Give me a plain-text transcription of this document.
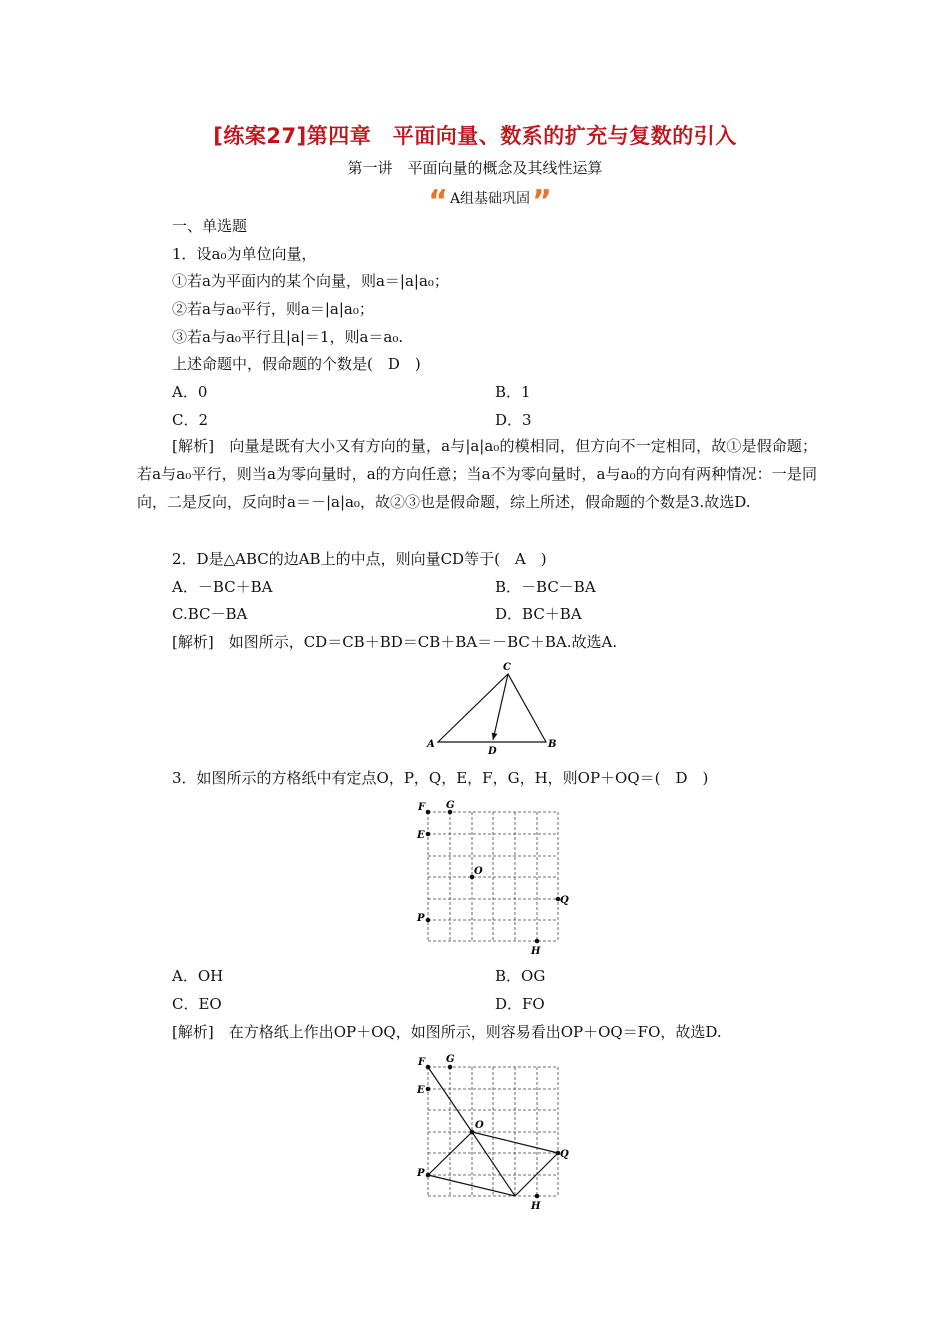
[练案27]第四章　平面向量、数系的扩充与复数的引入
第一讲　平面向量的概念及其线性运算
“ A组基础巩固 ”
一、单选题
1．设a₀为单位向量，
①若a为平面内的某个向量，则a＝|a|a₀；
②若a与a₀平行，则a＝|a|a₀；
③若a与a₀平行且|a|＝1，则a＝a₀.
上述命题中，假命题的个数是(　D　)
A．0	B．1
C．2	D．3
[解析]　向量是既有大小又有方向的量，a与|a|a₀的模相同，但方向不一定相同，故①是假命题；若a与a₀平行，则当a为零向量时，a的方向任意；当a不为零向量时，a与a₀的方向有两种情况：一是同向，二是反向，反向时a＝－|a|a₀，故②③也是假命题，综上所述，假命题的个数是3.故选D.
2．D是△ABC的边AB上的中点，则向量CD等于(　A　)
A．－BC＋BA	B．－BC－BA
C.BC－BA	D．BC＋BA
[解析]　如图所示，CD＝CB＋BD＝CB＋BA＝－BC＋BA.故选A.
C
A	B
D
3．如图所示的方格纸中有定点O，P，Q，E，F，G，H，则OP＋OQ＝(　D　)
F G
E
O
Q
P
H
A．OH	B．OG
C．EO	D．FO
[解析]　在方格纸上作出OP＋OQ，如图所示，则容易看出OP＋OQ＝FO，故选D.
F G
E
O
Q
P
H
